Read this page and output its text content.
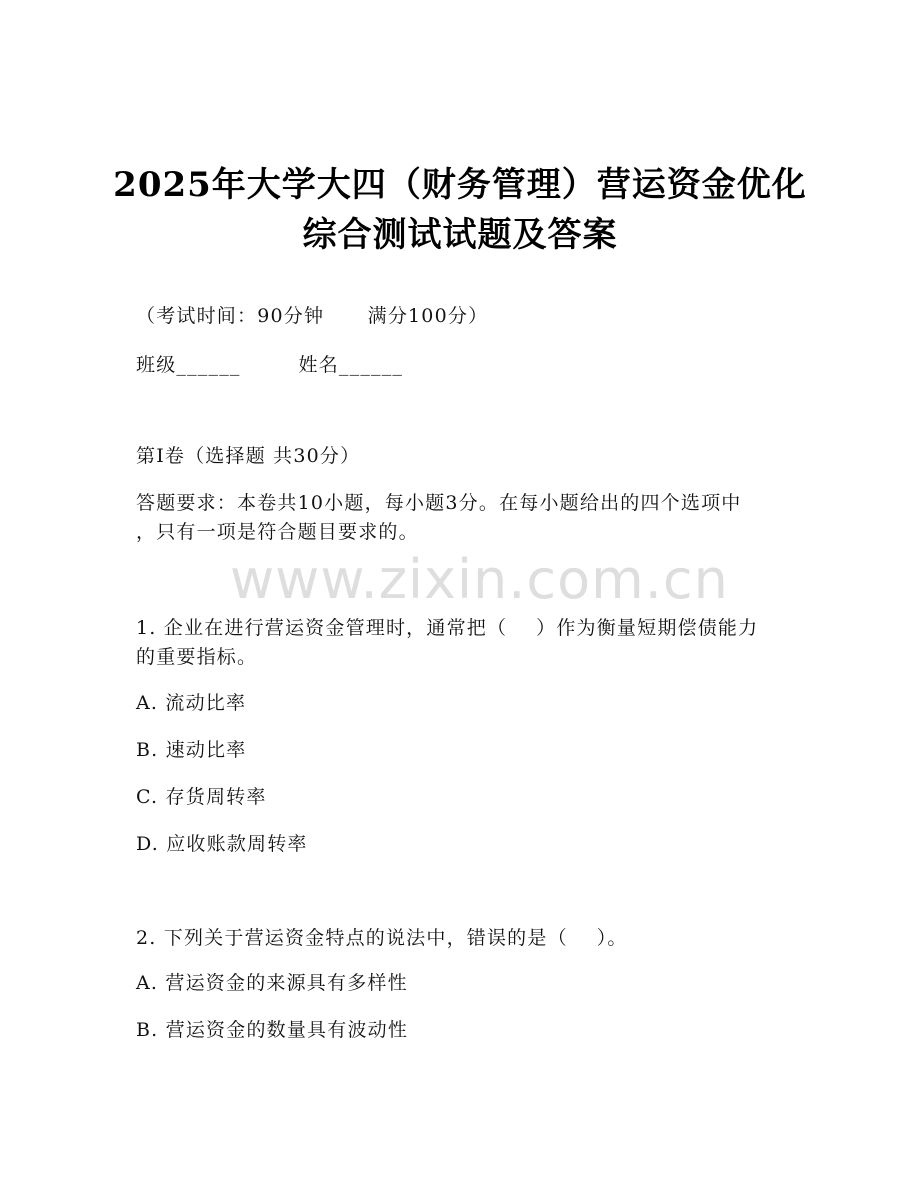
www.zixin.com.cn
2025年大学大四（财务管理）营运资金优化
综合测试试题及答案
（考试时间：90分钟      满分100分）
班级______        姓名______
第Ⅰ卷（选择题 共30分）
答题要求：本卷共10小题，每小题3分。在每小题给出的四个选项中
，只有一项是符合题目要求的。
1. 企业在进行营运资金管理时，通常把（    ）作为衡量短期偿债能力
的重要指标。
A. 流动比率
B. 速动比率
C. 存货周转率
D. 应收账款周转率
2. 下列关于营运资金特点的说法中，错误的是（    ）。
A. 营运资金的来源具有多样性
B. 营运资金的数量具有波动性
